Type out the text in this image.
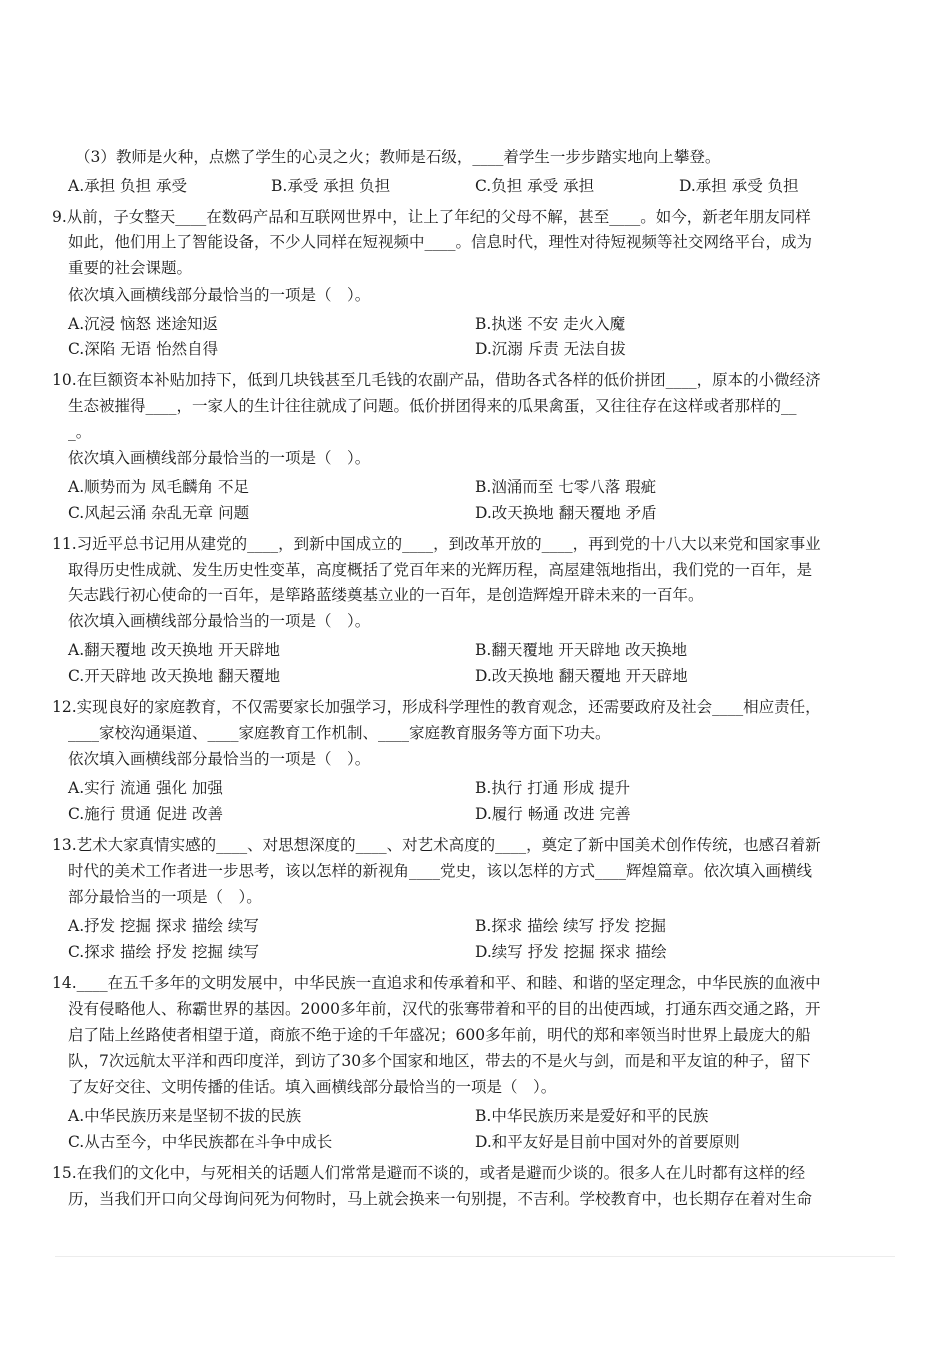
（3）教师是火种，点燃了学生的心灵之火；教师是石级，____着学生一步步踏实地向上攀登。
A.承担 负担 承受	B.承受 承担 负担	C.负担 承受 承担	D.承担 承受 负担
9.从前，子女整天____在数码产品和互联网世界中，让上了年纪的父母不解，甚至____。如今，新老年朋友同样
如此，他们用上了智能设备，不少人同样在短视频中____。信息时代，理性对待短视频等社交网络平台，成为
重要的社会课题。
依次填入画横线部分最恰当的一项是（　）。
A.沉浸 恼怒 迷途知返	B.执迷 不安 走火入魔
C.深陷 无语 怡然自得	D.沉溺 斥责 无法自拔
10.在巨额资本补贴加持下，低到几块钱甚至几毛钱的农副产品，借助各式各样的低价拼团____，原本的小微经济
生态被摧得____，一家人的生计往往就成了问题。低价拼团得来的瓜果禽蛋，又往往存在这样或者那样的__
_。
依次填入画横线部分最恰当的一项是（　）。
A.顺势而为 凤毛麟角 不足	B.汹涌而至 七零八落 瑕疵
C.风起云涌 杂乱无章 问题	D.改天换地 翻天覆地 矛盾
11.习近平总书记用从建党的____，到新中国成立的____，到改革开放的____，再到党的十八大以来党和国家事业
取得历史性成就、发生历史性变革，高度概括了党百年来的光辉历程，高屋建瓴地指出，我们党的一百年，是
矢志践行初心使命的一百年，是筚路蓝缕奠基立业的一百年，是创造辉煌开辟未来的一百年。
依次填入画横线部分最恰当的一项是（　）。
A.翻天覆地 改天换地 开天辟地	B.翻天覆地 开天辟地 改天换地
C.开天辟地 改天换地 翻天覆地	D.改天换地 翻天覆地 开天辟地
12.实现良好的家庭教育，不仅需要家长加强学习，形成科学理性的教育观念，还需要政府及社会____相应责任，
____家校沟通渠道、____家庭教育工作机制、____家庭教育服务等方面下功夫。
依次填入画横线部分最恰当的一项是（　）。
A.实行 流通 强化 加强	B.执行 打通 形成 提升
C.施行 贯通 促进 改善	D.履行 畅通 改进 完善
13.艺术大家真情实感的____、对思想深度的____、对艺术高度的____，奠定了新中国美术创作传统，也感召着新
时代的美术工作者进一步思考，该以怎样的新视角____党史，该以怎样的方式____辉煌篇章。依次填入画横线
部分最恰当的一项是（　）。
A.抒发 挖掘 探求 描绘 续写	B.探求 描绘 续写 抒发 挖掘
C.探求 描绘 抒发 挖掘 续写	D.续写 抒发 挖掘 探求 描绘
14.____在五千多年的文明发展中，中华民族一直追求和传承着和平、和睦、和谐的坚定理念，中华民族的血液中
没有侵略他人、称霸世界的基因。2000多年前，汉代的张骞带着和平的目的出使西域，打通东西交通之路，开
启了陆上丝路使者相望于道，商旅不绝于途的千年盛况；600多年前，明代的郑和率领当时世界上最庞大的船
队，7次远航太平洋和西印度洋，到访了30多个国家和地区，带去的不是火与剑，而是和平友谊的种子，留下
了友好交往、文明传播的佳话。填入画横线部分最恰当的一项是（　）。
A.中华民族历来是坚韧不拔的民族	B.中华民族历来是爱好和平的民族
C.从古至今，中华民族都在斗争中成长	D.和平友好是目前中国对外的首要原则
15.在我们的文化中，与死相关的话题人们常常是避而不谈的，或者是避而少谈的。很多人在儿时都有这样的经
历，当我们开口向父母询问死为何物时，马上就会换来一句别提，不吉利。学校教育中，也长期存在着对生命
